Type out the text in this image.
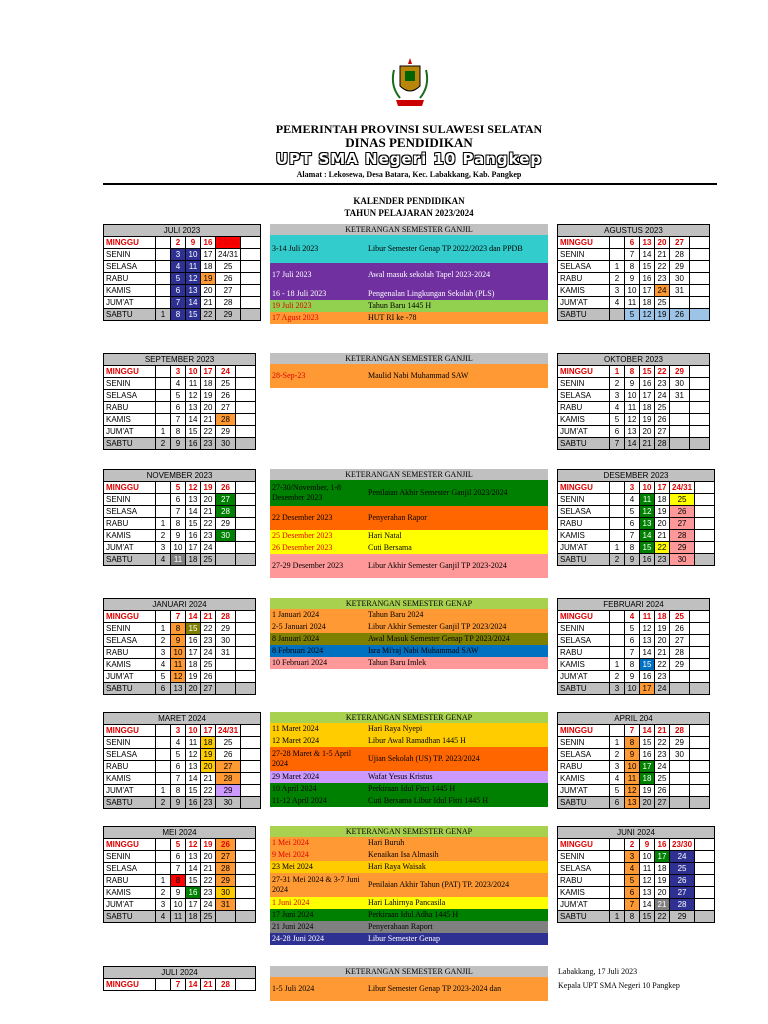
PEMERINTAH PROVINSI SULAWESI SELATAN
DINAS PENDIDIKAN
UPT SMA Negeri 10 Pangkep
Alamat : Lekosewa, Desa Batara, Kec. Labakkang, Kab. Pangkep
KALENDER PENDIDIKAN
TAHUN PELAJARAN 2023/2024
JULI 2023						
MINGGU		2	9	16	23/30	
SENIN		3	10	17	24/31	
SELASA		4	11	18	25	
RABU		5	12	19	26	
KAMIS		6	13	20	27	
JUM'AT		7	14	21	28	
SABTU	1	8	15	22	29	
AGUSTUS 2023						
MINGGU		6	13	20	27	
SENIN		7	14	21	28	
SELASA	1	8	15	22	29	
RABU	2	9	16	23	30	
KAMIS	3	10	17	24	31	
JUM'AT	4	11	18	25		
SABTU		5	12	19	26	
SEPTEMBER 2023						
MINGGU		3	10	17	24	
SENIN		4	11	18	25	
SELASA		5	12	19	26	
RABU		6	13	20	27	
KAMIS		7	14	21	28	
JUM'AT	1	8	15	22	29	
SABTU	2	9	16	23	30	
OKTOBER 2023						
MINGGU	1	8	15	22	29	
SENIN	2	9	16	23	30	
SELASA	3	10	17	24	31	
RABU	4	11	18	25		
KAMIS	5	12	19	26		
JUM'AT	6	13	20	27		
SABTU	7	14	21	28		
NOVEMBER 2023						
MINGGU		5	12	19	26	
SENIN		6	13	20	27	
SELASA		7	14	21	28	
RABU	1	8	15	22	29	
KAMIS	2	9	16	23	30	
JUM'AT	3	10	17	24		
SABTU	4	11	18	25		
DESEMBER 2023						
MINGGU		3	10	17	24/31	
SENIN		4	11	18	25	
SELASA		5	12	19	26	
RABU		6	13	20	27	
KAMIS		7	14	21	28	
JUM'AT	1	8	15	22	29	
SABTU	2	9	16	23	30	
JANUARI 2024						
MINGGU		7	14	21	28	
SENIN	1	8	15	22	29	
SELASA	2	9	16	23	30	
RABU	3	10	17	24	31	
KAMIS	4	11	18	25		
JUM'AT	5	12	19	26		
SABTU	6	13	20	27		
FEBRUARI 2024						
MINGGU		4	11	18	25	
SENIN		5	12	19	26	
SELASA		6	13	20	27	
RABU		7	14	21	28	
KAMIS	1	8	15	22	29	
JUM'AT	2	9	16	23		
SABTU	3	10	17	24		
MARET 2024						
MINGGU		3	10	17	24/31	
SENIN		4	11	18	25	
SELASA		5	12	19	26	
RABU		6	13	20	27	
KAMIS		7	14	21	28	
JUM'AT	1	8	15	22	29	
SABTU	2	9	16	23	30	
APRIL 204						
MINGGU		7	14	21	28	
SENIN	1	8	15	22	29	
SELASA	2	9	16	23	30	
RABU	3	10	17	24		
KAMIS	4	11	18	25		
JUM'AT	5	12	19	26		
SABTU	6	13	20	27		
MEI 2024						
MINGGU		5	12	19	26	
SENIN		6	13	20	27	
SELASA		7	14	21	28	
RABU	1	8	15	22	29	
KAMIS	2	9	16	23	30	
JUM'AT	3	10	17	24	31	
SABTU	4	11	18	25		
JUNI 2024						
MINGGU		2	9	16	23/30	
SENIN		3	10	17	24	
SELASA		4	11	18	25	
RABU		5	12	19	26	
KAMIS		6	13	20	27	
JUM'AT		7	14	21	28	
SABTU	1	8	15	22	29	
JULI 2024
MINGGU		7	14	21	28	
KETERANGAN SEMESTER GANJIL	
3-14 Juli 2023	Libur Semester Genap TP 2022/2023 dan PPDB
17 Juli 2023	Awal masuk sekolah Tapel 2023-2024
16 - 18 Juli 2023	Pengenalan Lingkungan Sekolah (PLS)
19 Juli 2023	Tahun Baru 1445 H
17 Agust 2023	HUT RI ke -78
KETERANGAN SEMESTER GANJIL
28-Sep-23	Maulid Nabi Muhammad SAW
KETERANGAN SEMESTER GANJIL	
27-30/November, 1-8 Desember 2023	Penilaian Akhir Semester Ganjil 2023/2024
22 Desember 2023	Penyerahan Rapor
25 Desember 2023	Hari Natal
26 Desember 2023	Cuti Bersama
27-29 Desember 2023	Libur Akhir Semester Ganjil TP 2023-2024
KETERANGAN SEMESTER GENAP	
1 Januari 2024	Tahun Baru 2024
2-5 Januari 2024	Libur Akhir Semester Ganjil TP 2023/2024
8 Januari 2024	Awal Masuk Semester Genap TP 2023/2024
8 Februari 2024	Isra Mi'raj Nabi Muhammad SAW
10 Februari 2024	Tahun Baru Imlek
KETERANGAN SEMESTER GENAP	
11 Maret 2024	Hari Raya Nyepi
12 Maret 2024	Libur Awal Ramadhan 1445 H
27-28 Maret & 1-5 April 2024	Ujian Sekolah (US) TP. 2023/2024
29 Maret 2024	Wafat Yesus Kristus
10 April 2024	Perkiraan Idul Fitri 1445 H
11-12 April 2024	Cuti Bersama Libur Idul Fitri 1445 H
KETERANGAN SEMESTER GENAP	
1 Mei 2024	Hari Buruh
9 Mei 2024	Kenaikan Isa Almasih
23 Mei 2024	Hari Raya Waisak
27-31 Mei 2024 & 3-7 Juni 2024	Penilaian Akhir Tahun (PAT) TP. 2023/2024
1 Juni 2024	Hari Lahirnya Pancasila
17 Juni 2024	Perkiraan Idul Adha 1445 H
21 Juni 2024	Penyerahaan Raport
24-28 Juni 2024	Libur Semester Genap
KETERANGAN SEMESTER GANJIL
1-5 Juli 2024	Libur Semester Genap TP 2023-2024 dan
Labakkang, 17 Juli 2023
Kepala UPT SMA Negeri 10 Pangkep
